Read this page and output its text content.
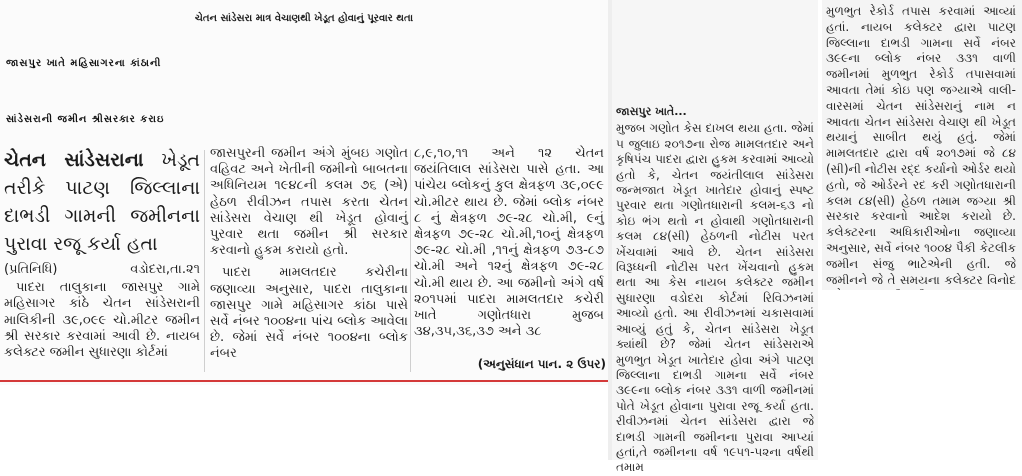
ચેતન સાંડેસરા માત્ર વેચાણથી ખેડૂત હોવાનું પૂરવાર થતા
જાસપુર ખાતે મહિસાગરના કાંઠાની
સાંડેસરાની જમીન શ્રીસરકાર કરાઇ

ચેતન સાંડેસરાના ખેડૂત તરીકે પાટણ જિલ્લાના દાભડી ગામની જમીનના પુરાવા રજૂ કર્યા હતા

(પ્રતિનિધિ)	વડોદરા,તા.૨૧

પાદરા તાલુકાના જાસપુર ગામે મહિસાગર કાંઠે ચેતન સાંડેસરાની માલિકીની ૩૯,૦૯૯ ચો.મીટર જમીન શ્રી સરકાર કરવામાં આવી છે. નાયબ કલેક્ટર જમીન સુધારણા કોર્ટમાં

જાસપુરની જમીન અંગે મુંબઇ ગણોત વહિવટ અને ખેતીની જમીનો બાબતના અધિનિયમ ૧૯૪૮ની કલમ ૭૬ (એ) હેઠળ રીવીઝન તપાસ કરતા ચેતન સાંડેસરા વેચાણ થી ખેડૂત હોવાનું પુરવાર થતા જમીન શ્રી સરકાર કરવાનો હુકમ કરાયો હતો.

પાદરા મામલતદાર કચેરીના જણાવ્યા અનુસાર, પાદરા તાલુકાના જાસપુર ગામે મહિસાગર કાંઠા પાસે સર્વે નંબર ૧૦૦૪ના પાંચ બ્લોક આવેલા છે. જેમાં સર્વે નંબર ૧૦૦૪ના બ્લોક નંબર

૮,૯,૧૦,૧૧ અને ૧૨ ચેતન જયંતિલાલ સાંડેસરા પાસે હતા. આ પાંચેય બ્લોકનું કુલ ક્ષેત્રફળ ૩૯,૦૯૯ ચો.મીટર થાય છે. જેમાં બ્લોક નંબર ૮ નું ક્ષેત્રફળ ૭૯-૨૮ ચો.મી, ૯નું ક્ષેત્રફળ ૭૯-૨૮ ચો.મી,૧૦નું ક્ષેત્રફળ ૭૯-૨૮ ચો.મી ,૧૧નું ક્ષેત્રફળ ૭૩-૮૭ ચો.મી અને ૧૨નું ક્ષેત્રફળ ૭૯-૨૮ ચો.મી થાય છે. આ જમીનો અંગે વર્ષ ૨૦૧૫માં પાદરા મામલતદાર કચેરી ખાતે ગણોતધારા મુજબ ૩૪,૩૫,૩૬,૩૭ અને ૩૮

(અનુસંધાન પાન. ૨ ઉપર)
જાસપુર ખાતે...
મુજબ ગણોત કેસ દાખલ થયા હતા. જેમાં ૫ જુલાઇ ૨૦૧૭ના રોજ મામલતદાર અને કૃષિપંચ પાદરા દ્વારા હુકમ કરવામાં આવ્યો હતો કે, ચેતન જયંતીલાલ સાંડેસરા જન્મજાત ખેડૂત ખાતેદાર હોવાનું સ્પષ્ટ પુરવાર થતા ગણોતધારાની કલમ-૬૩ નો કોઇ ભંગ થતો ન હોવાથી ગણોતધારાની કલમ ૮૪(સી) હેઠળની નોટીસ પરત ખેંચવામાં આવે છે. ચેતન સાંડેસરા વિરૂધ્ધની નોટીસ પરત ખેંચવાનો હુકમ થતા આ કેસ નાયબ કલેક્ટર જમીન સુધારણા વડોદરા કોર્ટમાં રિવિઝનમાં આવ્યો હતો. આ રીવીઝનમાં ચકાસવામાં આવ્યું હતું કે, ચેતન સાંડેસરા ખેડૂત ક્યાંથી છે? જેમાં ચેતન સાંડેસરાએ મુળભુત ખેડૂત ખાતેદાર હોવા અંગે પાટણ જિલ્લાના દાભડી ગામના સર્વે નંબર ૩૯૯ના બ્લોક નંબર ૩૩૧ વાળી જમીનમાં પોતે ખેડૂત હોવાના પુરાવા રજૂ કર્યા હતા. રીવીઝનમાં ચેતન સાંડેસરા દ્વારા જે દાભડી ગામની જમીનના પુરાવા આપ્યાં હતાં,તે જમીનના વર્ષ ૧૯૫૧-૫૨ના વર્ષથી તમામ
મુળભુત રેકોર્ડ તપાસ કરવામાં આવ્યાં હતાં. નાયબ કલેક્ટર દ્વારા પાટણ જિલ્લાના દાભડી ગામના સર્વે નંબર ૩૯૯ના બ્લોક નંબર ૩૩૧ વાળી જમીનમાં મુળભુત રેકોર્ડ તપાસવામાં આવતા તેમાં કોઇ પણ જગ્યાએ વાલી-વારસમાં ચેતન સાંડેસરાનું નામ ન આવતા ચેતન સાંડેસરા વેચાણ થી ખેડૂત થયાનું સાબીત થયું હતું. જેમાં મામલતદાર દ્વારા વર્ષ ૨૦૧૭માં જે ૮૪ (સી)ની નોટીસ રદ્દ કર્યાનો ઓર્ડર થયો હતો, જે ઓર્ડરને રદ કરી ગણોતધારાની કલમ ૮૪(સી) હેઠળ તમામ જગ્યા શ્રી સરકાર કરવાનો આદેશ કરાયો છે. કલેક્ટરના અધિકારીઓના જણાવ્યા અનુસાર, સર્વે નંબર ૧૦૦૪ પૈકી કેટલીક જમીન સંજુ ભાટેએની હતી. જે જમીનને જે તે સમયના કલેક્ટર વિનોદ
